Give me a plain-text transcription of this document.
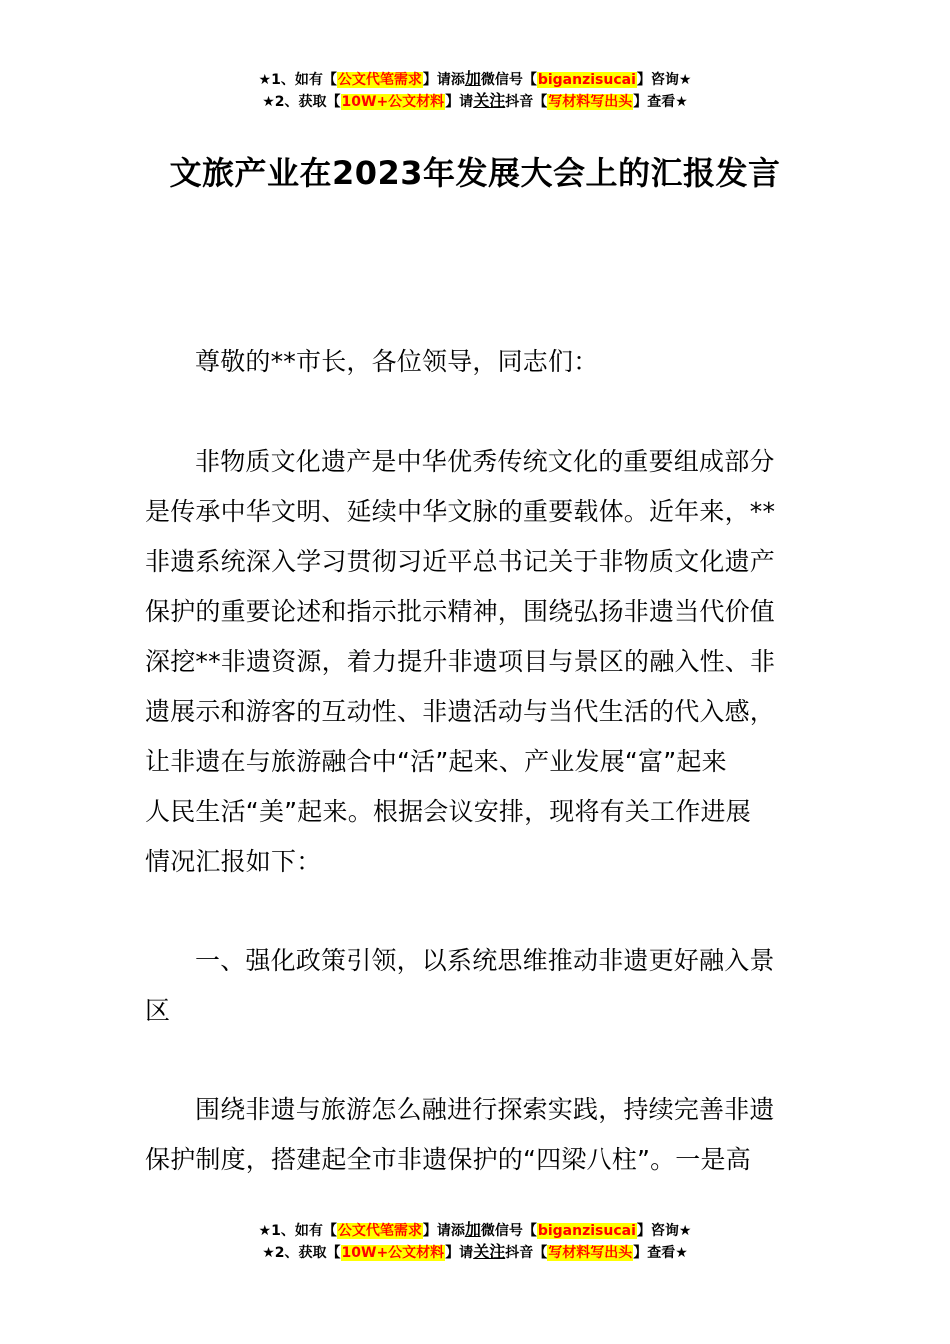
★1、如有【公文代笔需求】请添加微信号【biganzisucai】咨询★
★2、获取【10W+公文材料】请关注抖音【写材料写出头】查看★
文旅产业在2023年发展大会上的汇报发言
尊敬的**市长，各位领导，同志们：
非物质文化遗产是中华优秀传统文化的重要组成部分
是传承中华文明、延续中华文脉的重要载体。近年来，**
非遗系统深入学习贯彻习近平总书记关于非物质文化遗产
保护的重要论述和指示批示精神，围绕弘扬非遗当代价值
深挖**非遗资源，着力提升非遗项目与景区的融入性、非
遗展示和游客的互动性、非遗活动与当代生活的代入感，
让非遗在与旅游融合中“活”起来、产业发展“富”起来
人民生活“美”起来。根据会议安排，现将有关工作进展
情况汇报如下：
一、强化政策引领，以系统思维推动非遗更好融入景
区
围绕非遗与旅游怎么融进行探索实践，持续完善非遗
保护制度，搭建起全市非遗保护的“四梁八柱”。一是高
★1、如有【公文代笔需求】请添加微信号【biganzisucai】咨询★
★2、获取【10W+公文材料】请关注抖音【写材料写出头】查看★
